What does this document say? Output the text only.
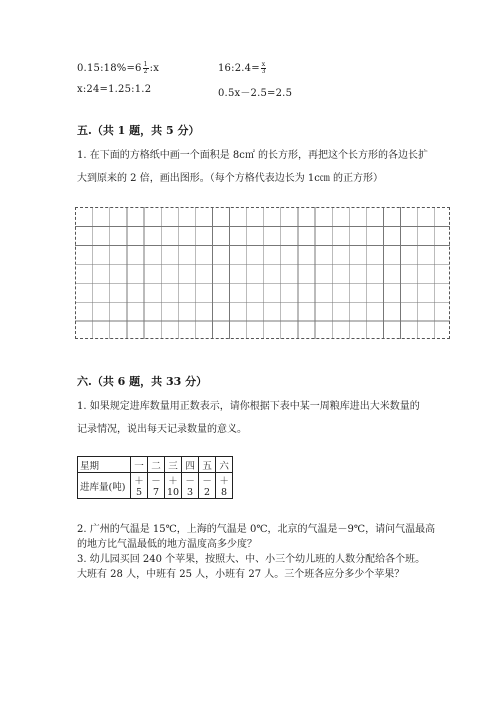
0.15:18%=6 $\frac{1}{2}$ :x	16:2.4= $\frac{x}{3}$
x:24=1.25:1.2	0.5x－2.5=2.5
五.（共 1 题，共 5 分）
1. 在下面的方格纸中画一个面积是 8c㎡ 的长方形，再把这个长方形的各边长扩
大到原来的 2 倍，画出图形。（每个方格代表边长为 1c㎝ 的正方形）
六.（共 6 题，共 33 分）
1. 如果规定进库数量用正数表示，请你根据下表中某一周粮库进出大米数量的
记录情况，说出每天记录数量的意义。
星期	一	二	三	四	五	六
进库量(吨)	＋5	－7	＋10	－3	－2	＋8
2. 广州的气温是 15℃，上海的气温是 0℃，北京的气温是－9℃，请问气温最高
的地方比气温最低的地方温度高多少度？
3. 幼儿园买回 240 个苹果，按照大、中、小三个幼儿班的人数分配给各个班。
大班有 28 人，中班有 25 人，小班有 27 人。三个班各应分多少个苹果？
